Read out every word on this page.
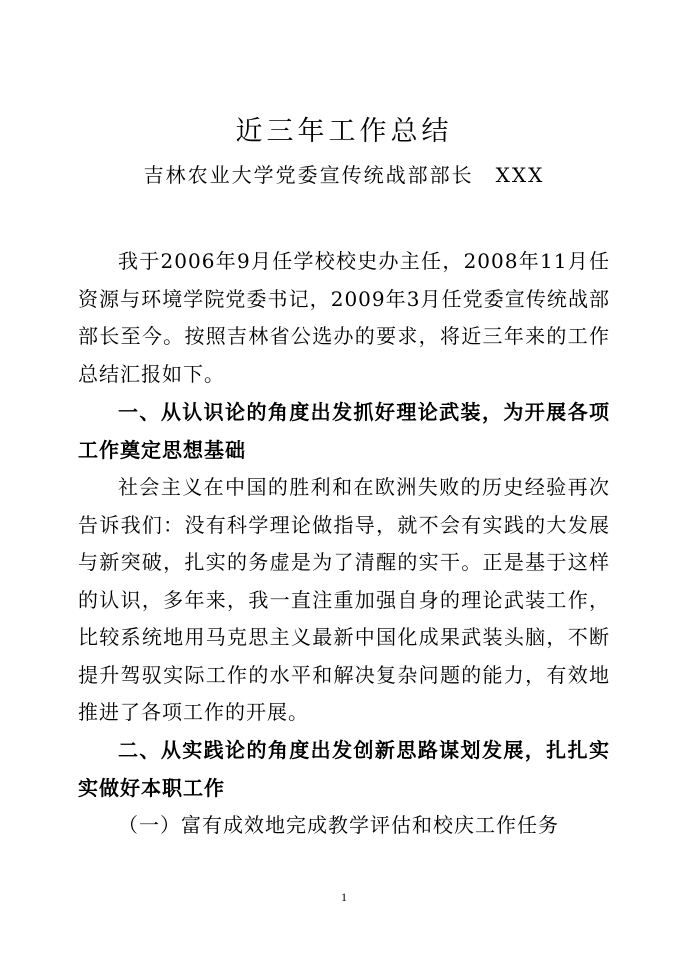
近三年工作总结
吉林农业大学党委宣传统战部部长　XXX

我于2006年9月任学校校史办主任，2008年11月任资源与环境学院党委书记，2009年3月任党委宣传统战部部长至今。按照吉林省公选办的要求，将近三年来的工作总结汇报如下。

一、从认识论的角度出发抓好理论武装，为开展各项工作奠定思想基础

社会主义在中国的胜利和在欧洲失败的历史经验再次告诉我们：没有科学理论做指导，就不会有实践的大发展与新突破，扎实的务虚是为了清醒的实干。正是基于这样的认识，多年来，我一直注重加强自身的理论武装工作，比较系统地用马克思主义最新中国化成果武装头脑，不断提升驾驭实际工作的水平和解决复杂问题的能力，有效地推进了各项工作的开展。

二、从实践论的角度出发创新思路谋划发展，扎扎实实做好本职工作

（一）富有成效地完成教学评估和校庆工作任务

1
